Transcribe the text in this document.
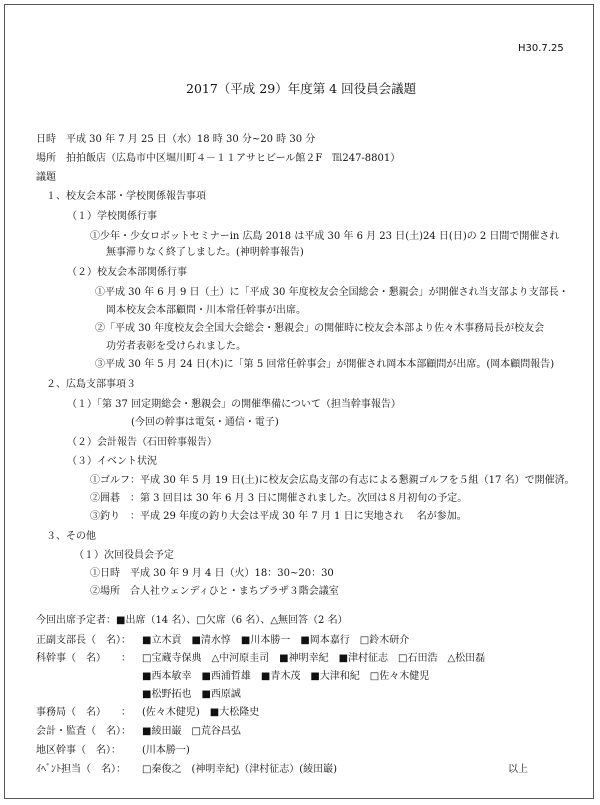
H30.7.25
2017（平成 29）年度第 4 回役員会議題
日時　平成 30 年 7 月 25 日（水）18 時 30 分~20 時 30 分
場所　拍拍飯店（広島市中区堀川町４－１１アサヒビール館２F　℡247-8801）
議題
１、校友会本部・学校関係報告事項
（１）学校関係行事
①少年・少女ロボットセミナーin 広島 2018 は平成 30 年 6 月 23 日(土)24 日(日)の 2 日間で開催され
無事滞りなく終了しました。(神明幹事報告)
（２）校友会本部関係行事
①平成 30 年 6 月 9 日（土）に「平成 30 年度校友会全国総会・懇親会」が開催され当支部より支部長・
岡本校友会本部顧問・川本常任幹事が出席。
②「平成 30 年度校友会全国大会総会・懇親会」の開催時に校友会本部より佐々木事務局長が校友会
功労者表彰を受けられました。
③平成 30 年 5 月 24 日(木)に「第 5 回常任幹事会」が開催され岡本本部顧問が出席。(岡本顧問報告)
２、広島支部事項３
（１）「第 37 回定期総会・懇親会」の開催準備について（担当幹事報告）
(今回の幹事は電気・通信・電子)
（２）会計報告（石田幹事報告）
（３）イベント状況
①ゴルフ：平成 30 年 5 月 19 日(土)に校友会広島支部の有志による懇親ゴルフを５組（17 名）で開催済。
②囲碁　：第 3 回目は 30 年 6 月 3 日に開催されました。次回は８月初旬の予定。
③釣り　：平成 29 年度の釣り大会は平成 30 年 7 月 1 日に実地され　 名が参加。
３、その他
（１）次回役員会予定
①日時　平成 30 年 9 月 4 日（火）18：30~20：30
②場所　合人社ウェンディひと・まちプラザ３階会議室
今回出席予定者：■出席（14 名）、□欠席（6 名）、△無回答（2 名）
正副支部長（　名）： ■立木貢　■清水惇　■川本勝一　■岡本嘉行　□鈴木研介
科幹事（　名）　　： □宝蔵寺保典　△中河原圭司　■神明幸紀　■津村征志　□石田浩　△松田磊
■西本敏幸　■西浦哲雄　■青木茂　■大津和紀　□佐々木健児
■松野拓也　■西原誠
事務局（　名）　　： (佐々木健児)　■大松隆史
会計・監査（　名）： ■綾田巌　□荒谷昌弘
地区幹事（　名）： (川本勝一)
ｲﾍﾞﾝﾄ担当（　名）： □秦俊之　(神明幸紀)（津村征志）(綾田巌)	以上
